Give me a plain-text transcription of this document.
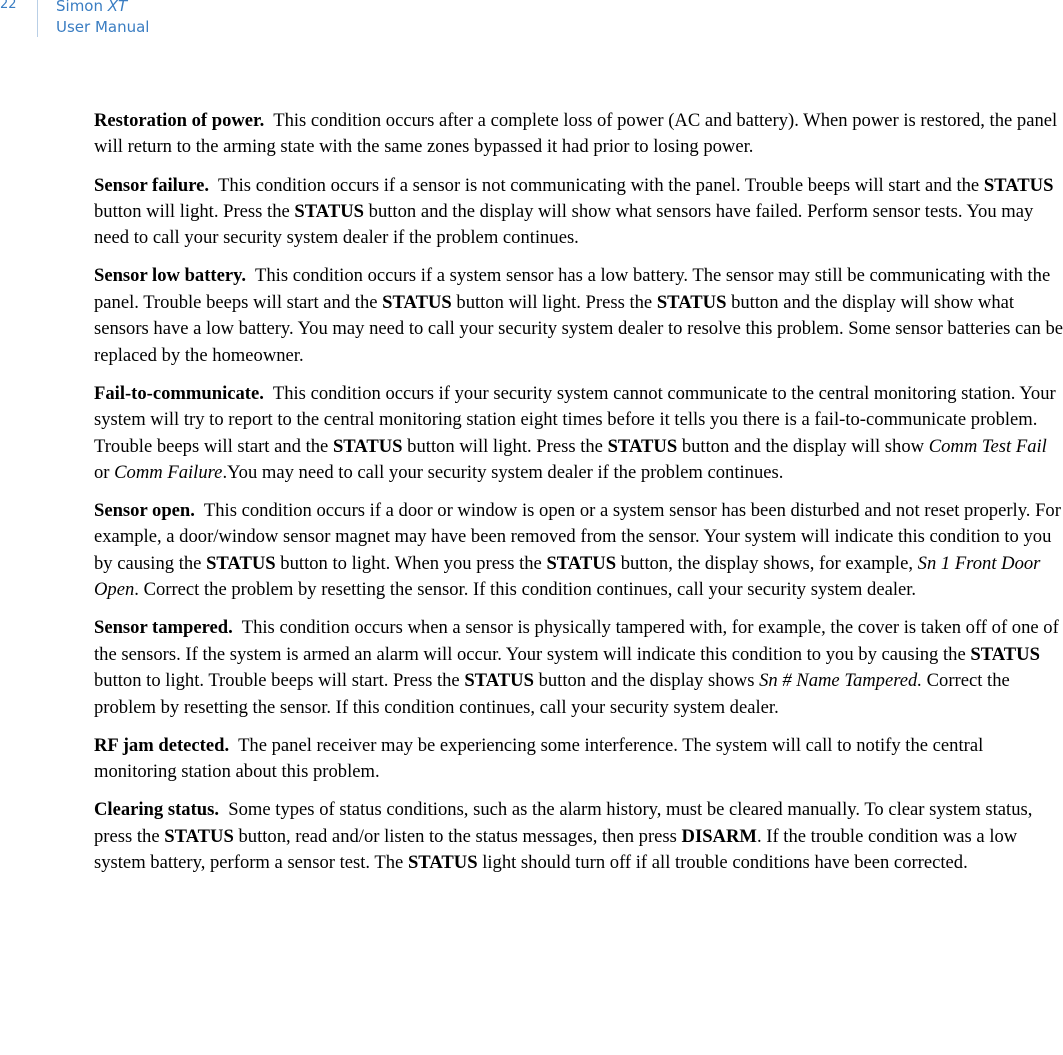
22	Simon XT
User Manual

Restoration of power. This condition occurs after a complete loss of power (AC and battery). When power is restored, the panel will return to the arming state with the same zones bypassed it had prior to losing power.

Sensor failure. This condition occurs if a sensor is not communicating with the panel. Trouble beeps will start and the STATUS button will light. Press the STATUS button and the display will show what sensors have failed. Perform sensor tests. You may need to call your security system dealer if the problem continues.

Sensor low battery. This condition occurs if a system sensor has a low battery. The sensor may still be communicating with the panel. Trouble beeps will start and the STATUS button will light. Press the STATUS button and the display will show what sensors have a low battery. You may need to call your security system dealer to resolve this problem. Some sensor batteries can be replaced by the homeowner.

Fail-to-communicate. This condition occurs if your security system cannot communicate to the central monitoring station. Your system will try to report to the central monitoring station eight times before it tells you there is a fail-to-communicate problem. Trouble beeps will start and the STATUS button will light. Press the STATUS button and the display will show Comm Test Fail or Comm Failure.You may need to call your security system dealer if the problem continues.

Sensor open. This condition occurs if a door or window is open or a system sensor has been disturbed and not reset properly. For example, a door/window sensor magnet may have been removed from the sensor. Your system will indicate this condition to you by causing the STATUS button to light. When you press the STATUS button, the display shows, for example, Sn 1 Front Door Open. Correct the problem by resetting the sensor. If this condition continues, call your security system dealer.

Sensor tampered. This condition occurs when a sensor is physically tampered with, for example, the cover is taken off of one of the sensors. If the system is armed an alarm will occur. Your system will indicate this condition to you by causing the STATUS button to light. Trouble beeps will start. Press the STATUS button and the display shows Sn # Name Tampered. Correct the problem by resetting the sensor. If this condition continues, call your security system dealer.

RF jam detected. The panel receiver may be experiencing some interference. The system will call to notify the central monitoring station about this problem.

Clearing status. Some types of status conditions, such as the alarm history, must be cleared manually. To clear system status, press the STATUS button, read and/or listen to the status messages, then press DISARM. If the trouble condition was a low system battery, perform a sensor test. The STATUS light should turn off if all trouble conditions have been corrected.
